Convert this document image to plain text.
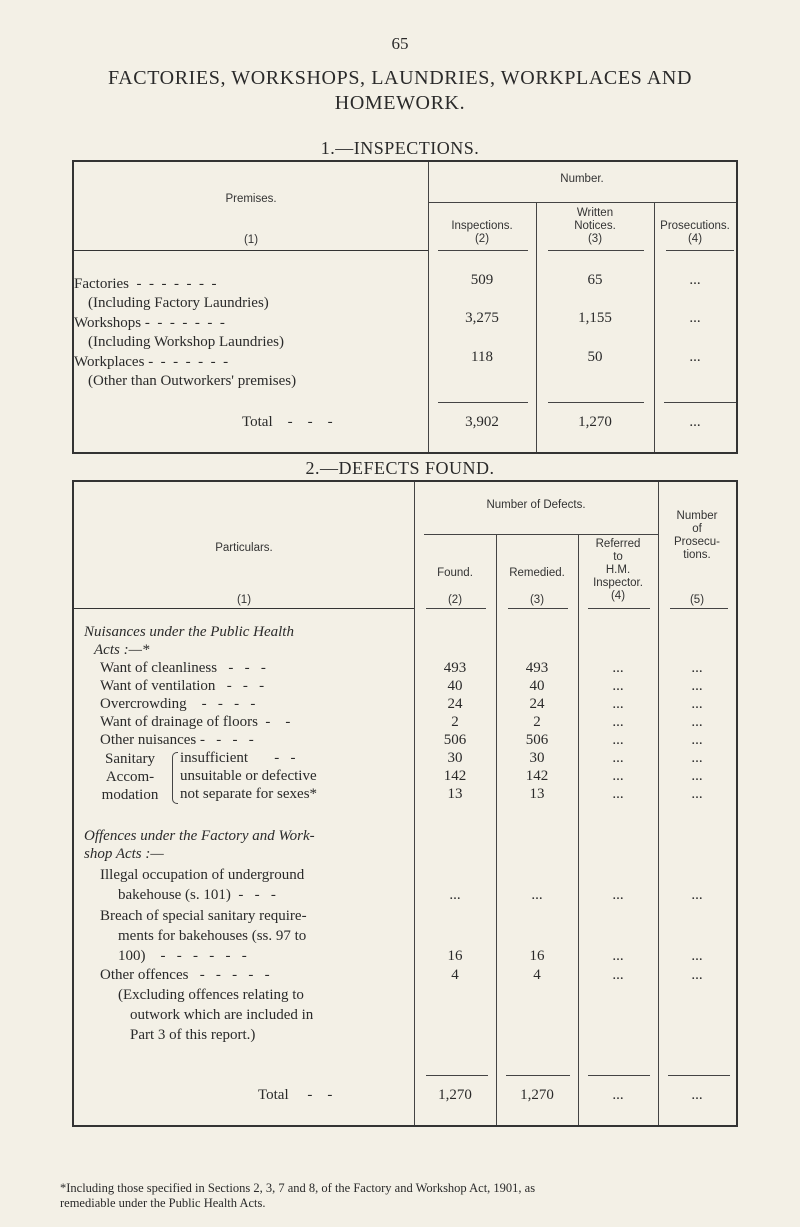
65
FACTORIES, WORKSHOPS, LAUNDRIES, WORKPLACES AND
HOMEWORK.
1.—INSPECTIONS.
Premises.
(1)
Number.
Inspections.
(2)
Written
Notices.
(3)
Prosecutions.
(4)
Factories  -  -  -  -  -  -  -
(Including Factory Laundries)
509	65	...
Workshops -  -  -  -  -  -  -
(Including Workshop Laundries)
3,275	1,155	...
Workplaces -  -  -  -  -  -  -
(Other than Outworkers' premises)
118	50	...
Total    -    -    -	3,902	1,270	...
2.—DEFECTS FOUND.
Particulars.
(1)
Number of Defects.
Number
of
Prosecu-
tions.
(5)
Found.
(2)
Remedied.
(3)
Referred
to
H.M.
Inspector.
(4)
Nuisances under the Public Health
Acts :—*
Want of cleanliness   -   -   -	493	493	...	...
Want of ventilation   -   -   -	40	40	...	...
Overcrowding    -   -   -   -	24	24	...	...
Want of drainage of floors  -    -	2	2	...	...
Other nuisances -   -   -   -	506	506	...	...
Sanitary
Accom-
modation
insufficient       -   -	30	30	...	...
unsuitable or defective	142	142	...	...
not separate for sexes*	13	13	...	...
Offences under the Factory and Work-
shop Acts :—
Illegal occupation of underground
bakehouse (s. 101)  -   -   -	...	...	...	...
Breach of special sanitary require-
ments for bakehouses (ss. 97 to
100)    -   -   -   -   -   -	16	16	...	...
Other offences   -   -   -   -   -	4	4	...	...
(Excluding offences relating to
outwork which are included in
Part 3 of this report.)
Total     -    -	1,270	1,270	...	...
*Including those specified in Sections 2, 3, 7 and 8, of the Factory and Workshop Act, 1901, as
remediable under the Public Health Acts.
